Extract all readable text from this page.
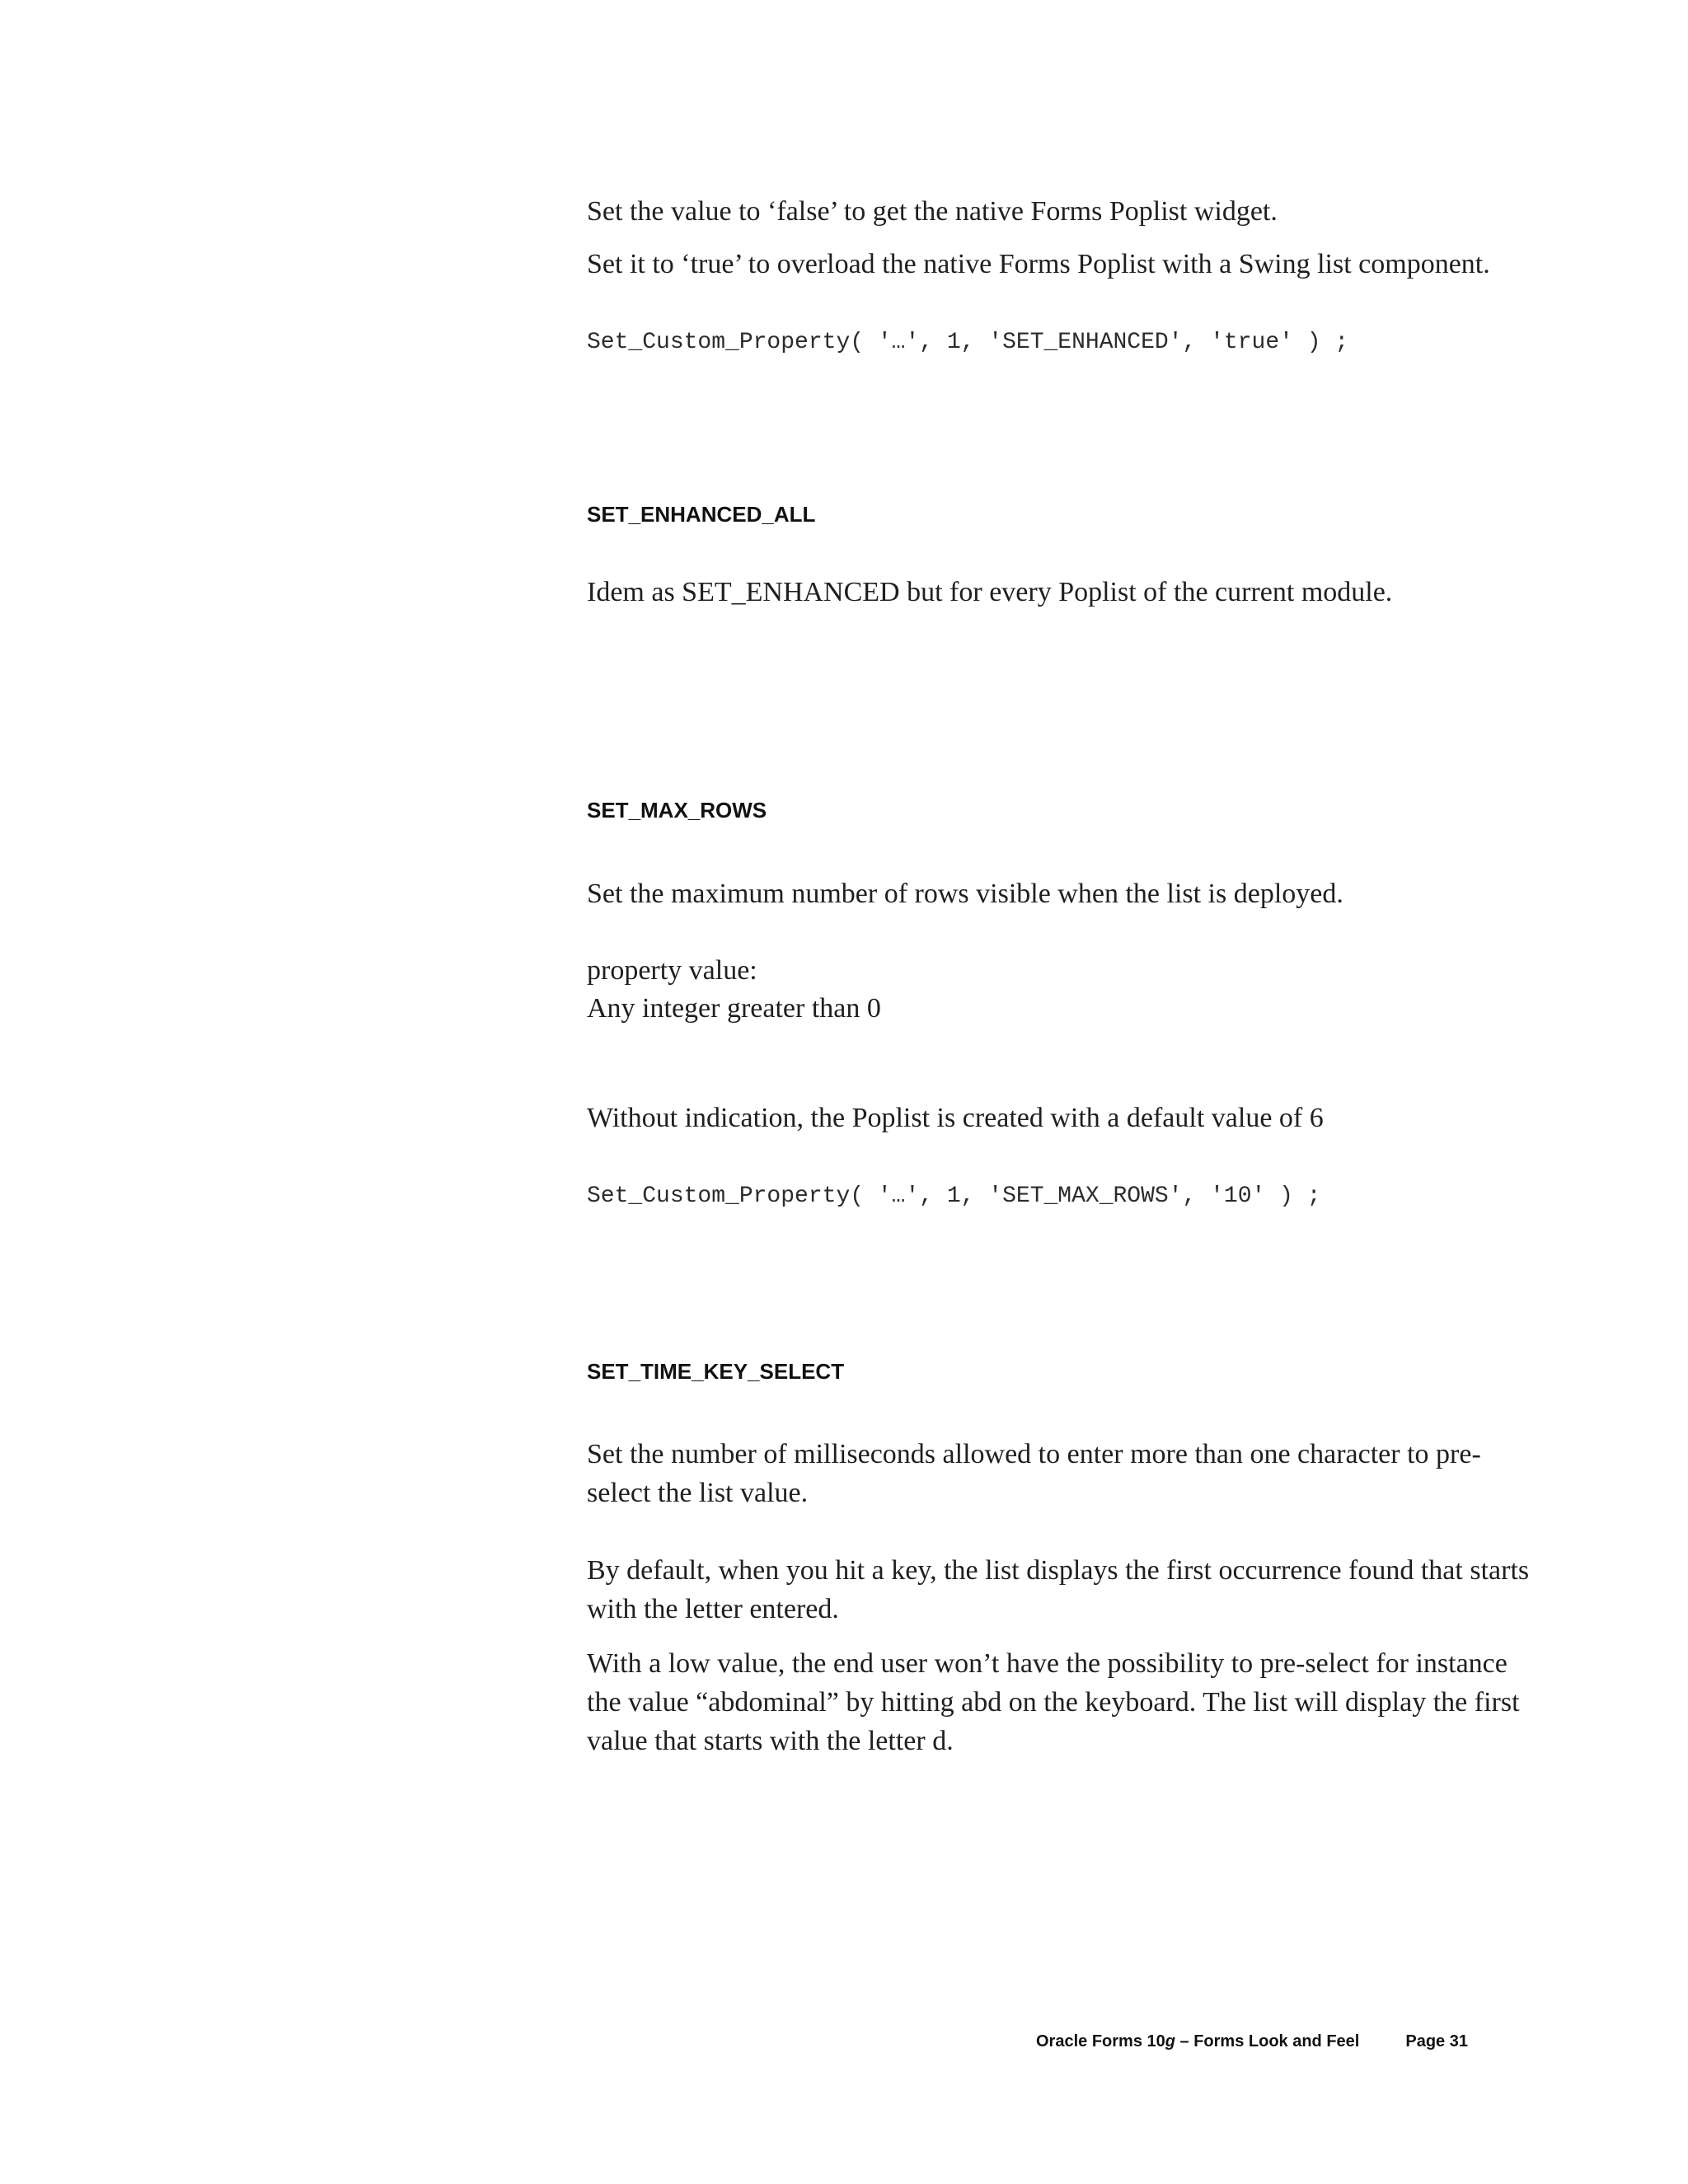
Set the value to ‘false’ to get the native Forms Poplist widget.

Set it to ‘true’ to overload the native Forms Poplist with a Swing list component.

Set_Custom_Property( '…', 1, 'SET_ENHANCED', 'true' ) ;

SET_ENHANCED_ALL

Idem as SET_ENHANCED but for every Poplist of the current module.

SET_MAX_ROWS

Set the maximum number of rows visible when the list is deployed.

property value:

Any integer greater than 0

Without indication, the Poplist is created with a default value of 6

Set_Custom_Property( '…', 1, 'SET_MAX_ROWS', '10' ) ;

SET_TIME_KEY_SELECT

Set the number of milliseconds allowed to enter more than one character to pre-select the list value.

By default, when you hit a key, the list displays the first occurrence found that starts with the letter entered.

With a low value, the end user won’t have the possibility to pre-select for instance the value “abdominal” by hitting abd on the keyboard. The list will display the first value that starts with the letter d.

Oracle Forms 10g – Forms Look and Feel	Page 31
